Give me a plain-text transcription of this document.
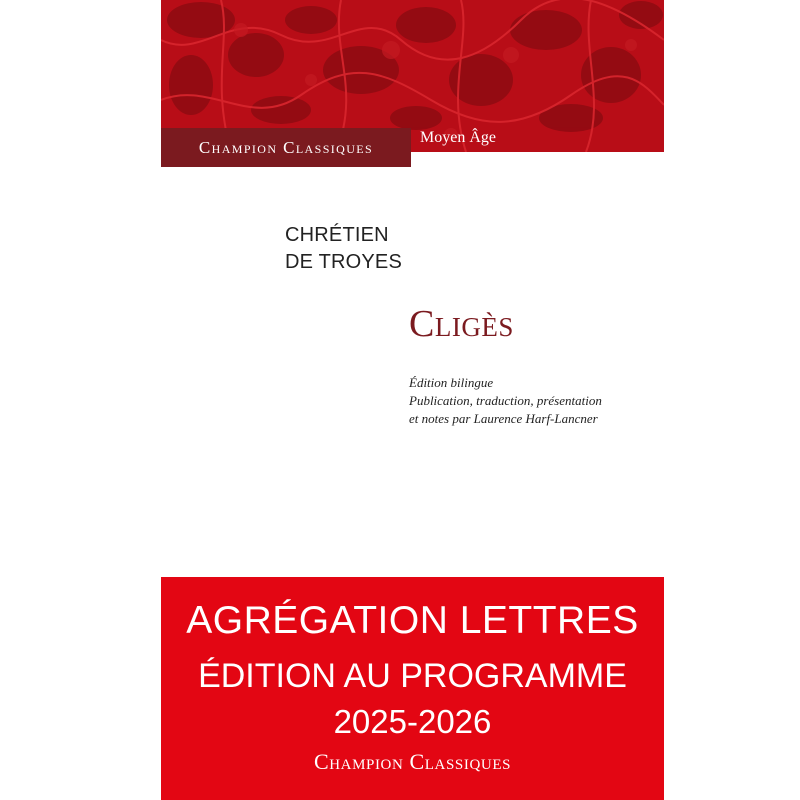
Champion Classiques	Moyen Âge
CHRÉTIEN
DE TROYES
Cligès
Édition bilingue
Publication, traduction, présentation
et notes par Laurence Harf-Lancner
AGRÉGATION LETTRES
ÉDITION AU PROGRAMME
2025-2026
Champion Classiques
